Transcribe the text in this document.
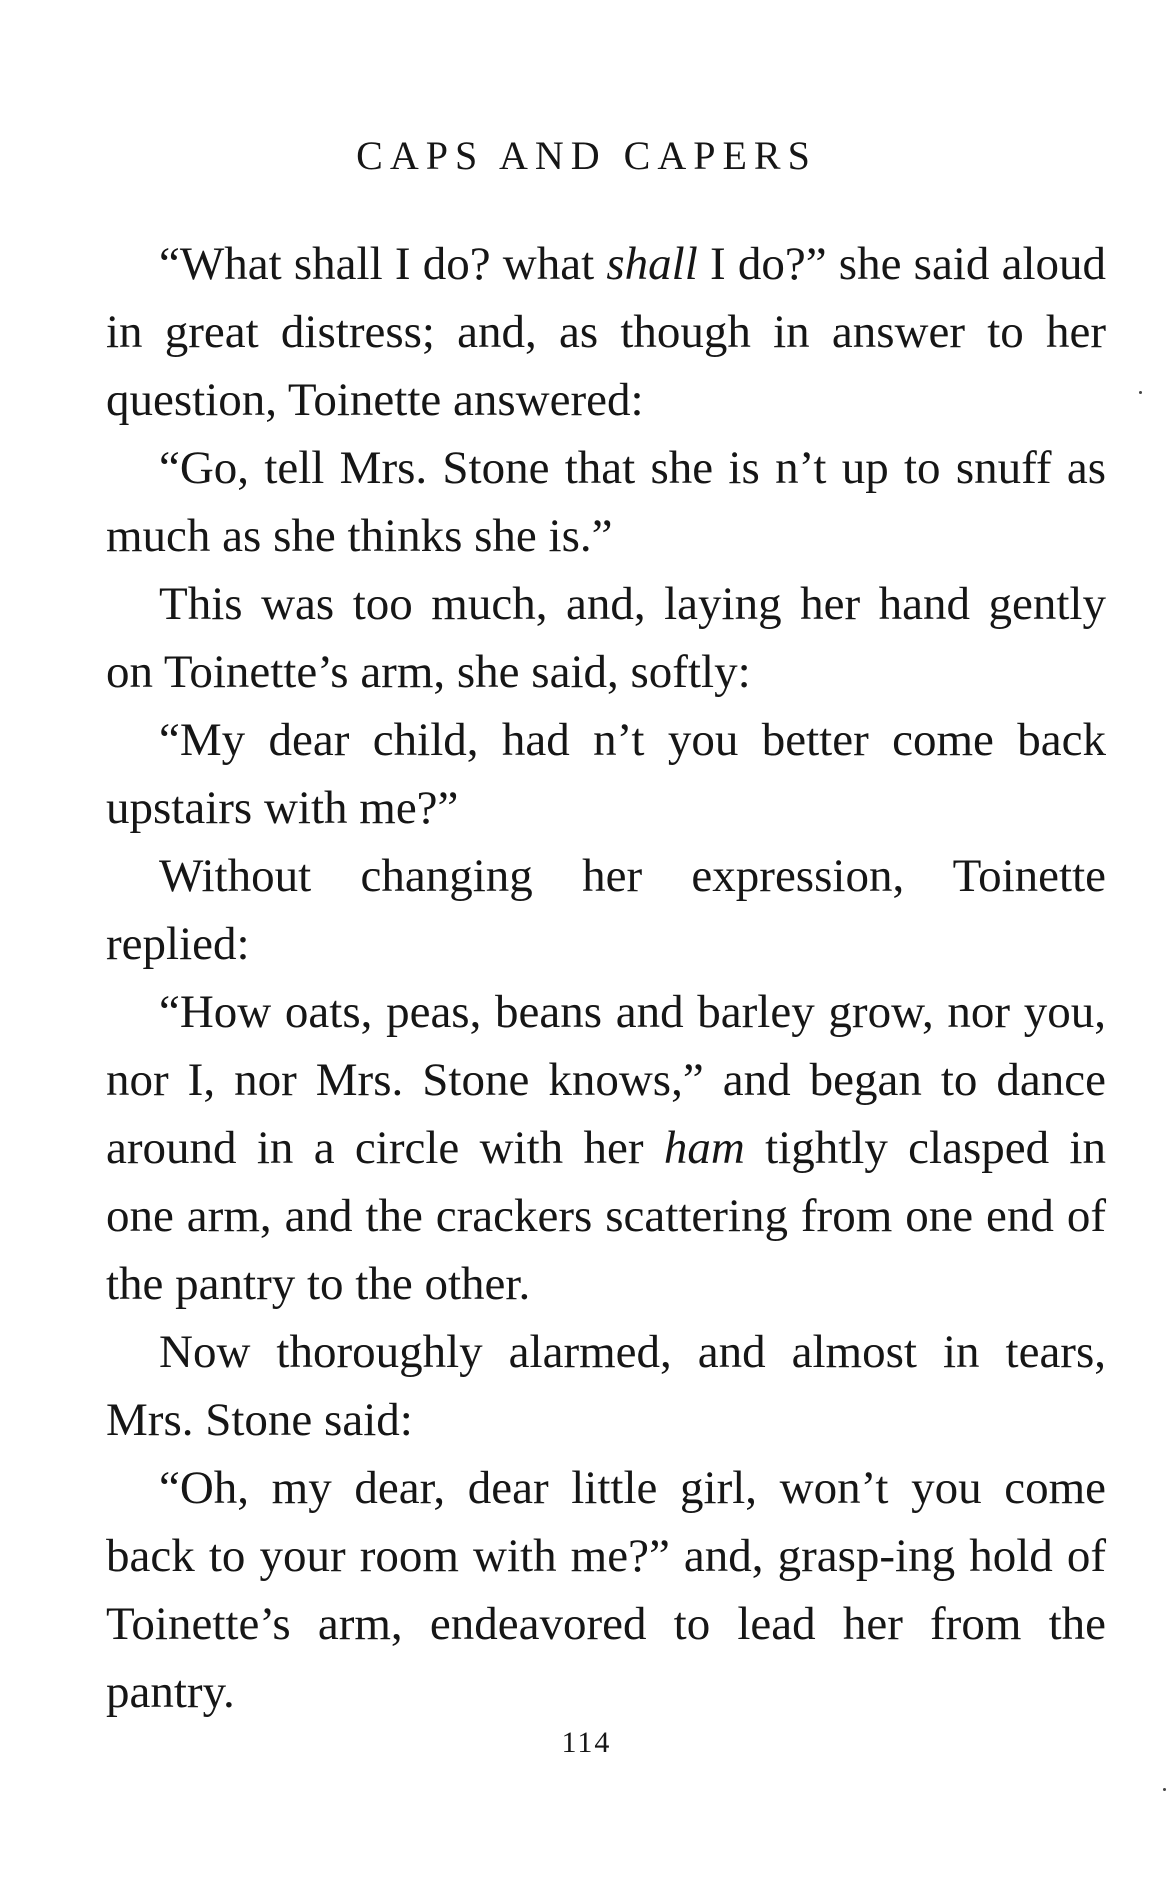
CAPS AND CAPERS

“What shall I do? what shall I do?” she said aloud in great distress; and, as though in answer to her question, Toinette answered:

“Go, tell Mrs. Stone that she is n’t up to snuff as much as she thinks she is.”

This was too much, and, laying her hand gently on Toinette’s arm, she said, softly:

“My dear child, had n’t you better come back upstairs with me?”

Without changing her expression, Toinette replied:

“How oats, peas, beans and barley grow, nor you, nor I, nor Mrs. Stone knows,” and began to dance around in a circle with her ham tightly clasped in one arm, and the crackers scattering from one end of the pantry to the other.

Now thoroughly alarmed, and almost in tears, Mrs. Stone said:

“Oh, my dear, dear little girl, won’t you come back to your room with me?” and, grasp-ing hold of Toinette’s arm, endeavored to lead her from the pantry.

114
